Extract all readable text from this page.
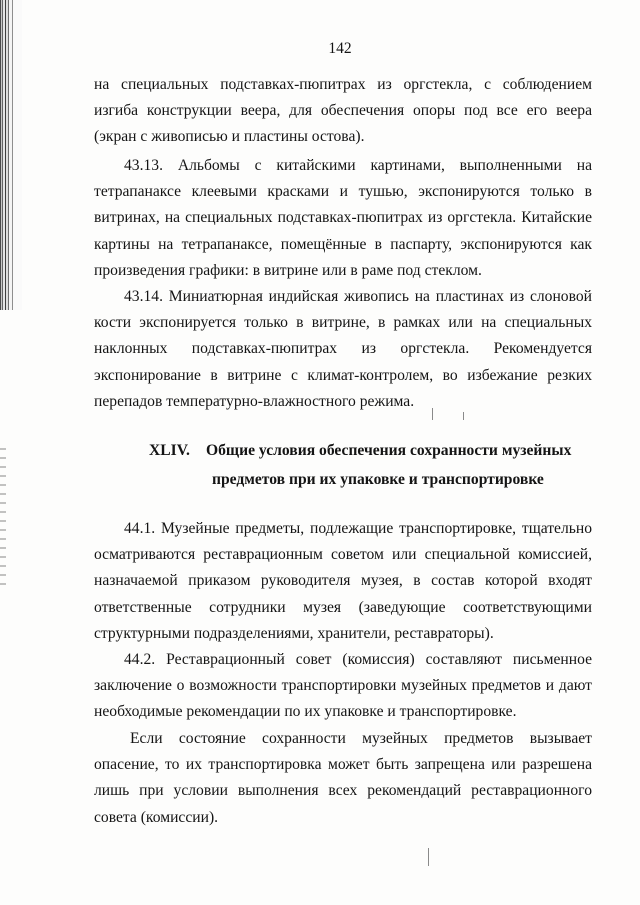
142

на специальных подставках-пюпитрах из оргстекла, с соблюдением изгиба конструкции веера, для обеспечения опоры под все его веера (экран с живописью и пластины остова).

43.13. Альбомы с китайскими картинами, выполненными на тетрапанаксе клеевыми красками и тушью, экспонируются только в витринах, на специальных подставках-пюпитрах из оргстекла. Китайские картины на тетрапанаксе, помещённые в паспарту, экспонируются как произведения графики: в витрине или в раме под стеклом.

43.14. Миниатюрная индийская живопись на пластинах из слоновой кости экспонируется только в витрине, в рамках или на специальных наклонных подставках-пюпитрах из оргстекла. Рекомендуется экспонирование в витрине с климат-контролем, во избежание резких перепадов температурно-влажностного режима.

XLIV. Общие условия обеспечения сохранности музейных
предметов при их упаковке и транспортировке

44.1. Музейные предметы, подлежащие транспортировке, тщательно осматриваются реставрационным советом или специальной комиссией, назначаемой приказом руководителя музея, в состав которой входят ответственные сотрудники музея (заведующие соответствующими структурными подразделениями, хранители, реставраторы).

44.2. Реставрационный совет (комиссия) составляют письменное заключение о возможности транспортировки музейных предметов и дают необходимые рекомендации по их упаковке и транспортировке.

Если состояние сохранности музейных предметов вызывает опасение, то их транспортировка может быть запрещена или разрешена лишь при условии выполнения всех рекомендаций реставрационного совета (комиссии).
